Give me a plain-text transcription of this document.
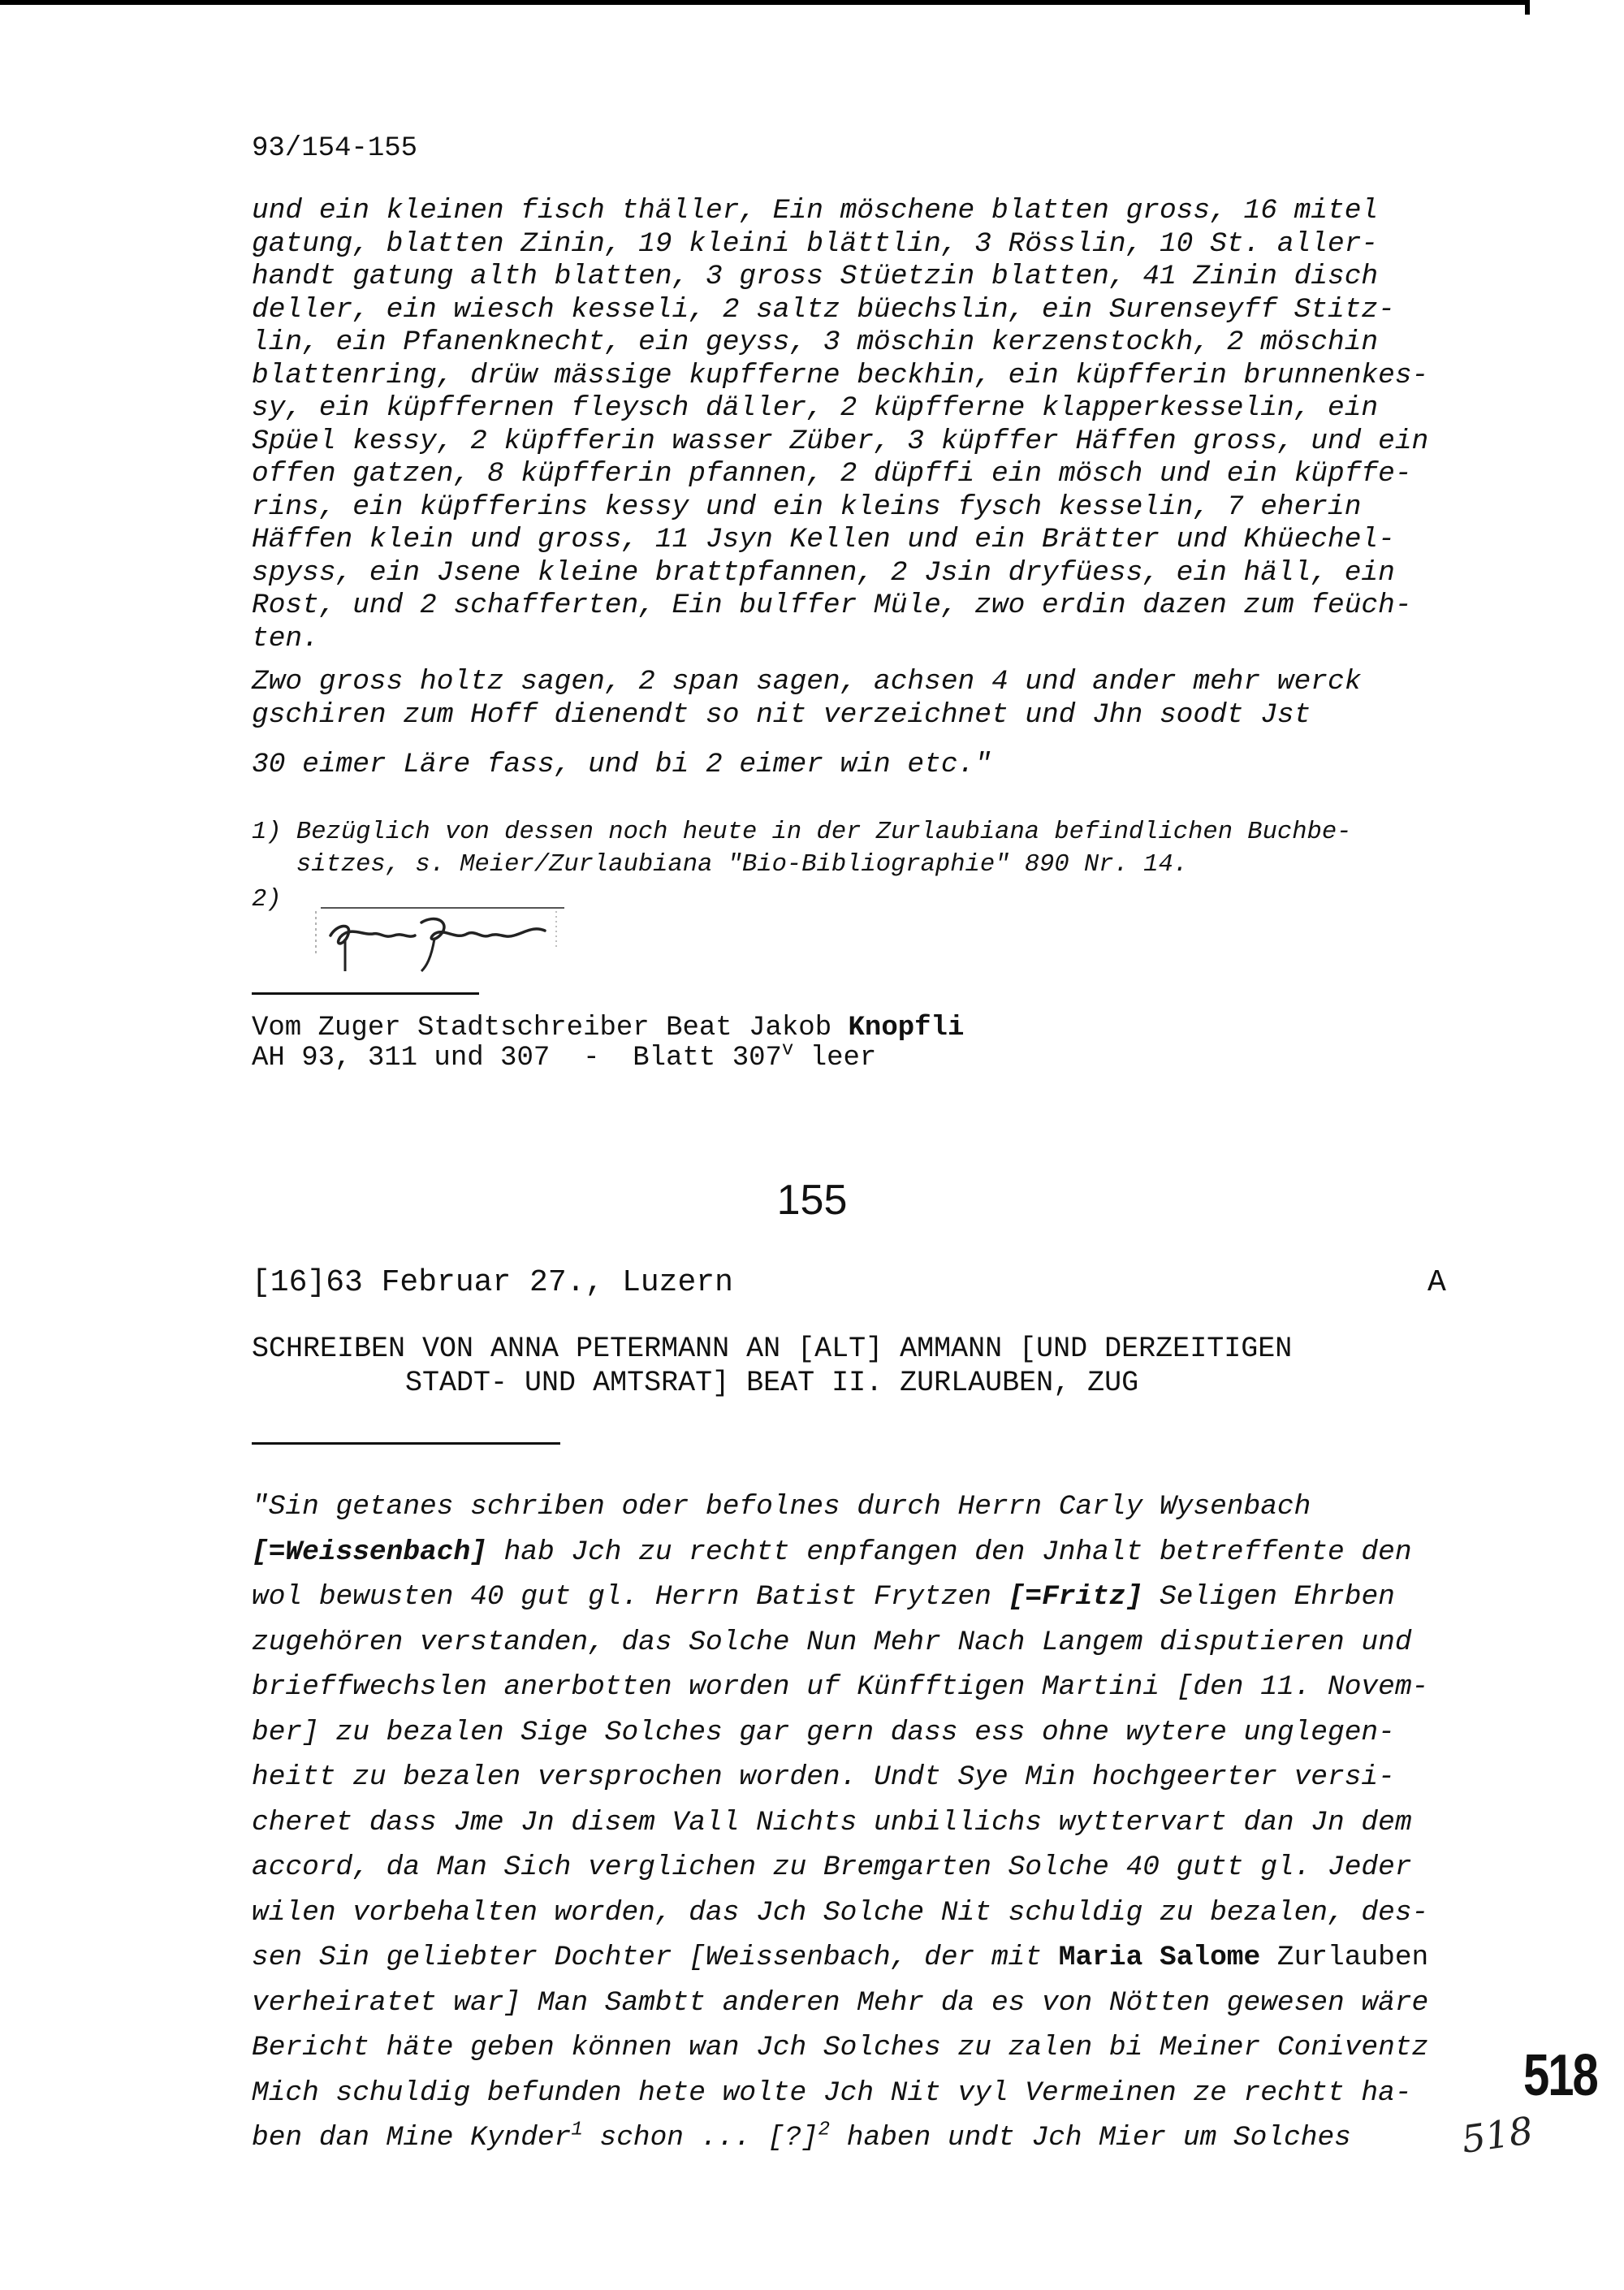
93/154-155
und ein kleinen fisch thäller, Ein möschene blatten gross, 16 mitel
gatung, blatten Zinin, 19 kleini blättlin, 3 Rösslin, 10 St. aller-
handt gatung alth blatten, 3 gross Stüetzin blatten, 41 Zinin disch
deller, ein wiesch kesseli, 2 saltz büechslin, ein Surenseyff Stitz-
lin, ein Pfanenknecht, ein geyss, 3 möschin kerzenstockh, 2 möschin
blattenring, drüw mässige kupfferne beckhin, ein küpfferin brunnenkes-
sy, ein küpffernen fleysch däller, 2 küpfferne klapperkesselin, ein
Spüel kessy, 2 küpfferin wasser Züber, 3 küpffer Häffen gross, und ein
offen gatzen, 8 küpfferin pfannen, 2 düpffi ein mösch und ein küpffe-
rins, ein küpfferins kessy und ein kleins fysch kesselin, 7 eherin
Häffen klein und gross, 11 Jsyn Kellen und ein Brätter und Khüechel-
spyss, ein Jsene kleine brattpfannen, 2 Jsin dryfüess, ein häll, ein
Rost, und 2 schafferten, Ein bulffer Müle, zwo erdin dazen zum feüch-
ten.
Zwo gross holtz sagen, 2 span sagen, achsen 4 und ander mehr werck
gschiren zum Hoff dienendt so nit verzeichnet und Jhn soodt Jst
30 eimer Läre fass, und bi 2 eimer win etc."
1) Bezüglich von dessen noch heute in der Zurlaubiana befindlichen Buchbe-
sitzes, s. Meier/Zurlaubiana "Bio-Bibliographie" 890 Nr. 14.
2)
Vom Zuger Stadtschreiber Beat Jakob Knopfli
AH 93, 311 und 307  -  Blatt 307$^v$ leer
155
[16]63 Februar 27., Luzern	A
SCHREIBEN VON ANNA PETERMANN AN [ALT] AMMANN [UND DERZEITIGEN
STADT- UND AMTSRAT] BEAT II. ZURLAUBEN, ZUG
"Sin getanes schriben oder befolnes durch Herrn Carly Wysenbach
[=Weissenbach] hab Jch zu rechtt enpfangen den Jnhalt betreffente den
wol bewusten 40 gut gl. Herrn Batist Frytzen [=Fritz] Seligen Ehrben
zugehören verstanden, das Solche Nun Mehr Nach Langem disputieren und
brieffwechslen anerbotten worden uf Künfftigen Martini [den 11. Novem-
ber] zu bezalen Sige Solches gar gern dass ess ohne wytere unglegen-
heitt zu bezalen versprochen worden. Undt Sye Min hochgeerter versi-
cheret dass Jme Jn disem Vall Nichts unbillichs wyttervart dan Jn dem
accord, da Man Sich verglichen zu Bremgarten Solche 40 gutt gl. Jeder
wilen vorbehalten worden, das Jch Solche Nit schuldig zu bezalen, des-
sen Sin geliebter Dochter [Weissenbach, der mit Maria Salome Zurlauben
verheiratet war] Man Sambtt anderen Mehr da es von Nötten gewesen wäre
Bericht häte geben können wan Jch Solches zu zalen bi Meiner Coniventz
Mich schuldig befunden hete wolte Jch Nit vyl Vermeinen ze rechtt ha-
ben dan Mine Kynder$^1$ schon ... [?]$^2$ haben undt Jch Mier um Solches
518
518
